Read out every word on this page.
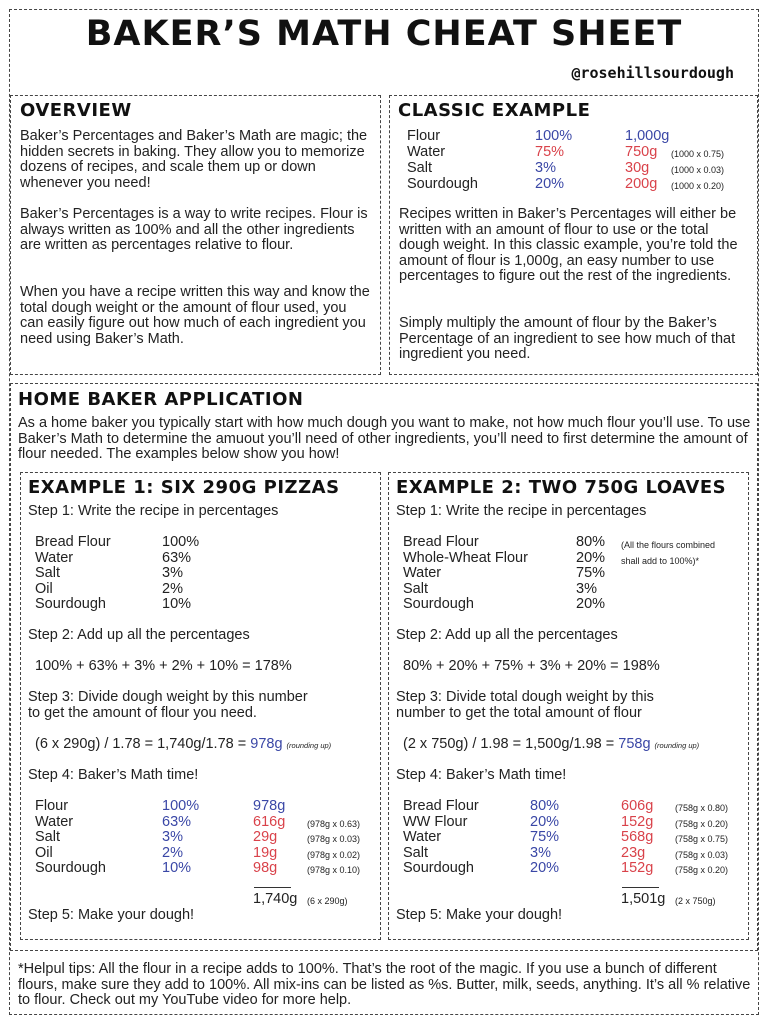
BAKER’S MATH CHEAT SHEET
@rosehillsourdough
OVERVIEW
Baker’s Percentages and Baker’s Math are magic; the hidden secrets in baking. They allow you to memorize dozens of recipes, and scale them up or down whenever you need!
Baker’s Percentages is a way to write recipes. Flour is always written as 100% and all the other ingredients are written as percentages relative to flour.
When you have a recipe written this way and know the total dough weight or the amount of flour used, you can easily figure out how much of each ingredient you need using Baker’s Math.
CLASSIC EXAMPLE
Flour	100%	1,000g
Water	75%	750g (1000 x 0.75)
Salt	3%	30g (1000 x 0.03)
Sourdough	20%	200g (1000 x 0.20)
Recipes written in Baker’s Percentages will either be written with an amount of flour to use or the total dough weight. In this classic example, you’re told the amount of flour is 1,000g, an easy number to use percentages to figure out the rest of the ingredients.
Simply multiply the amount of flour by the Baker’s Percentage of an ingredient to see how much of that ingredient you need.
HOME BAKER APPLICATION
As a home baker you typically start with how much dough you want to make, not how much flour you’ll use. To use Baker’s Math to determine the amuout you’ll need of other ingredients, you’ll need to first determine the amount of flour needed. The examples below show you how!
EXAMPLE 1: SIX 290G PIZZAS
Step 1: Write the recipe in percentages
Bread Flour	100%
Water	63%
Salt	3%
Oil	2%
Sourdough	10%
Step 2: Add up all the percentages
100% + 63% + 3% + 2% + 10% = 178%
Step 3: Divide dough weight by this number
to get the amount of flour you need.
(6 x 290g) / 1.78 = 1,740g/1.78 = 978g (rounding up)
Step 4: Baker’s Math time!
Flour	100%	978g
Water	63%	616g (978g x 0.63)
Salt	3%	29g	(978g x 0.03)
Oil	2%	19g	(978g x 0.02)
Sourdough	10%	98g	(978g x 0.10)
1,740g (6 x 290g)
Step 5: Make your dough!
EXAMPLE 2: TWO 750G LOAVES
Step 1: Write the recipe in percentages
Bread Flour	80%
Whole-Wheat Flour	20%
Water	75%
Salt	3%
Sourdough	20%
(All the flours combined
shall add to 100%)*
Step 2: Add up all the percentages
80% + 20% + 75% + 3% + 20% = 198%
Step 3: Divide total dough weight by this
number to get the total amount of flour
(2 x 750g) / 1.98 = 1,500g/1.98 = 758g (rounding up)
Step 4: Baker’s Math time!
Bread Flour	80%	606g (758g x 0.80)
WW Flour	20%	152g (758g x 0.20)
Water	75%	568g (758g x 0.75)
Salt	3%	23g	(758g x 0.03)
Sourdough	20%	152g (758g x 0.20)
1,501g (2 x 750g)
Step 5: Make your dough!
*Helpul tips: All the flour in a recipe adds to 100%. That’s the root of the magic. If you use a bunch of different flours, make sure they add to 100%. All mix-ins can be listed as %s. Butter, milk, seeds, anything. It’s all % relative to flour. Check out my YouTube video for more help.
